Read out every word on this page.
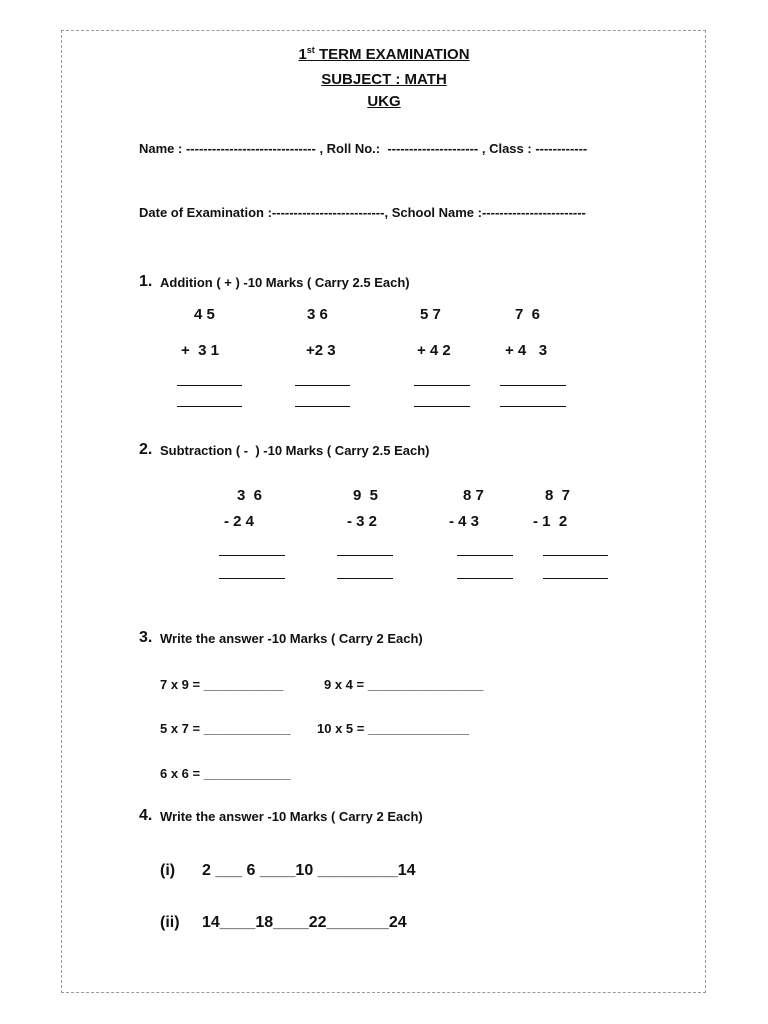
1st TERM EXAMINATION
SUBJECT : MATH
UKG
Name : ------------------------------ , Roll No.:  --------------------- , Class : ------------
Date of Examination :--------------------------, School Name :------------------------
1. Addition ( + ) -10 Marks ( Carry 2.5 Each)
4 5	3 6	5 7	7  6
+  3 1	+2 3	+ 4 2	+ 4   3
2. Subtraction ( -  ) -10 Marks ( Carry 2.5 Each)
3  6	9  5	8 7	8  7
- 2 4	- 3 2	- 4 3	- 1  2
3. Write the answer -10 Marks ( Carry 2 Each)
7 x 9 = ___________	9 x 4 = ________________
5 x 7 = ____________ 10 x 5 = ______________
6 x 6 = ____________
4. Write the answer -10 Marks ( Carry 2 Each)
(i) 2 ___ 6 ____10 _________14
(ii) 14____18____22_______24
